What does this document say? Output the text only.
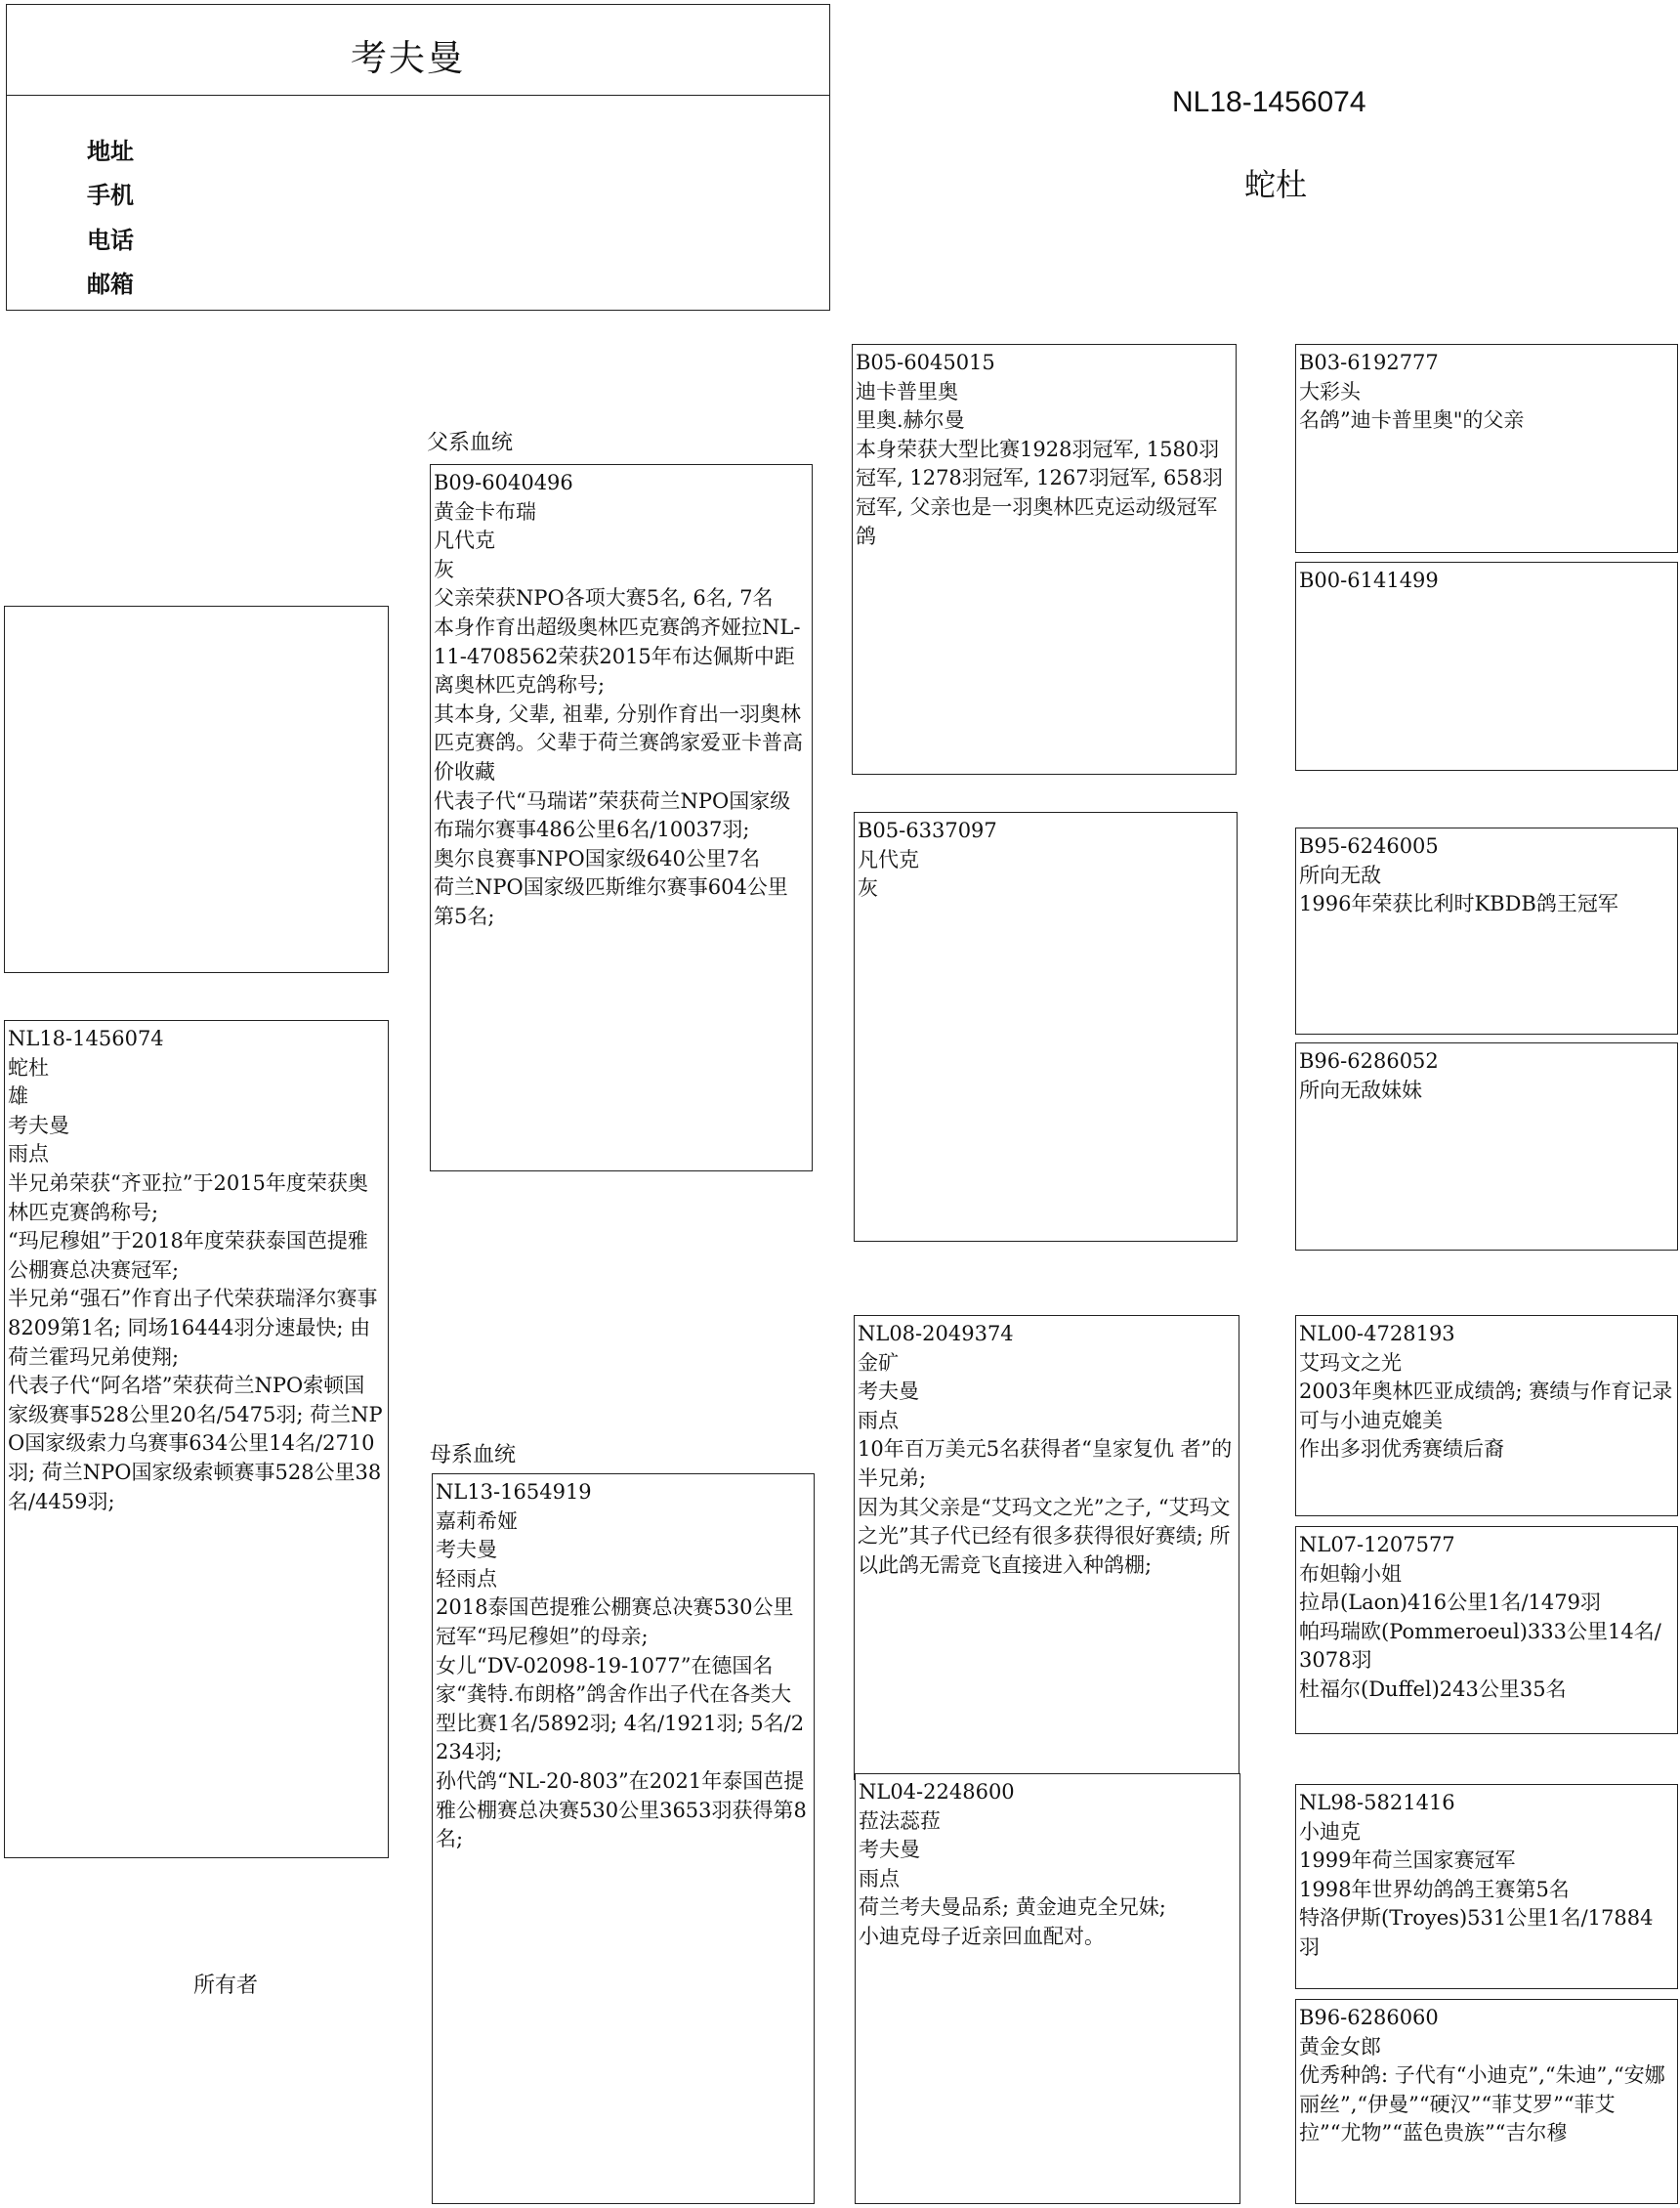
考夫曼
地址
手机
电话
邮箱
NL18-1456074
蛇杜
父系血统
母系血统
所有者
NL18-1456074
蛇杜
雄
考夫曼
雨点
半兄弟荣获“齐亚拉”于2015年度荣获奥林匹克赛鸽称号;
“玛尼穆姐”于2018年度荣获泰国芭提雅公棚赛总决赛冠军;
半兄弟“强石”作育出子代荣获瑞泽尔赛事8209第1名; 同场16444羽分速最快; 由荷兰霍玛兄弟使翔;
代表子代“阿名塔”荣获荷兰NPO索顿国家级赛事528公里20名/5475羽; 荷兰NPO国家级索力乌赛事634公里14名/2710羽; 荷兰NPO国家级索顿赛事528公里38名/4459羽;
B09-6040496
黄金卡布瑞
凡代克
灰
父亲荣获NPO各项大赛5名, 6名, 7名
本身作育出超级奥林匹克赛鸽齐娅拉NL-11-4708562荣获2015年布达佩斯中距离奥林匹克鸽称号;
其本身, 父辈, 祖辈, 分别作育出一羽奥林匹克赛鸽。父辈于荷兰赛鸽家爱亚卡普高价收藏
代表子代“马瑞诺”荣获荷兰NPO国家级布瑞尔赛事486公里6名/10037羽;
奥尔良赛事NPO国家级640公里7名
荷兰NPO国家级匹斯维尔赛事604公里第5名;
NL13-1654919
嘉莉希娅
考夫曼
轻雨点
2018泰国芭提雅公棚赛总决赛530公里冠军“玛尼穆妲”的母亲;
女儿“DV-02098-19-1077”在德国名家“龚特.布朗格”鸽舍作出子代在各类大型比赛1名/5892羽; 4名/1921羽; 5名/2234羽;
孙代鸽“NL-20-803”在2021年泰国芭提雅公棚赛总决赛530公里3653羽获得第8名;
B05-6045015
迪卡普里奥
里奥.赫尔曼
本身荣获大型比赛1928羽冠军, 1580羽冠军, 1278羽冠军, 1267羽冠军, 658羽冠军, 父亲也是一羽奥林匹克运动级冠军鸽
B05-6337097
凡代克
灰
NL08-2049374
金矿
考夫曼
雨点
10年百万美元5名获得者“皇家复仇 者”的半兄弟;
因为其父亲是“艾玛文之光”之子, “艾玛文之光”其子代已经有很多获得很好赛绩; 所以此鸽无需竞飞直接进入种鸽棚;
NL04-2248600
菈法蕊菈
考夫曼
雨点
荷兰考夫曼品系; 黄金迪克全兄妹;
小迪克母子近亲回血配对。
B03-6192777
大彩头
名鸽”迪卡普里奥"的父亲
B00-6141499
B95-6246005
所向无敌
1996年荣获比利时KBDB鸽王冠军
B96-6286052
所向无敌妹妹
NL00-4728193
艾玛文之光
2003年奥林匹亚成绩鸽; 赛绩与作育记录可与小迪克媲美
作出多羽优秀赛绩后裔
NL07-1207577
布妲翰小姐
拉昂(Laon)416公里1名/1479羽
帕玛瑞欧(Pommeroeul)333公里14名/3078羽
杜福尔(Duffel)243公里35名
NL98-5821416
小迪克
1999年荷兰国家赛冠军
1998年世界幼鸽鸽王赛第5名
特洛伊斯(Troyes)531公里1名/17884羽
B96-6286060
黄金女郎
优秀种鸽: 子代有“小迪克”,“朱迪”,“安娜丽丝”,“伊曼”“硬汉”“菲艾罗”“菲艾拉”“尤物”“蓝色贵族”“吉尔穆
